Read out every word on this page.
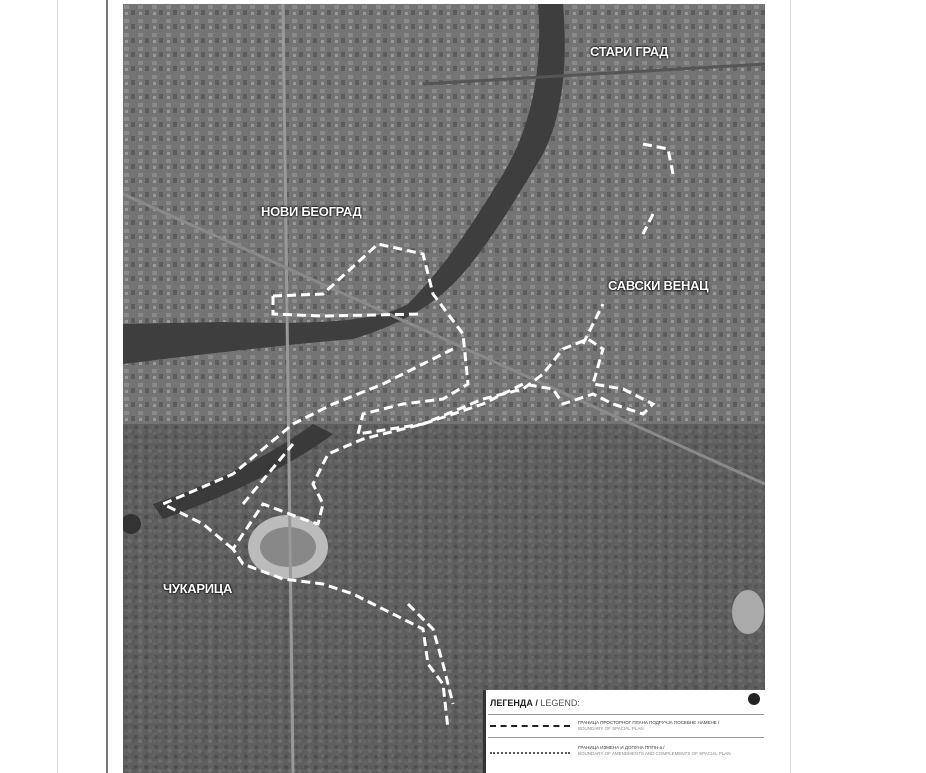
СТАРИ ГРАД
НОВИ БЕОГРАД
САВСКИ ВЕНАЦ
ЧУКАРИЦА
ЛЕГЕНДА / LEGEND:
ГРАНИЦА ПРОСТОРНОГ ПЛАНА ПОДРУЧЈА ПОСЕБНЕ НАМЕНЕ /
BOUNDARY OF SPACIAL PLAN
ГРАНИЦА ИЗМЕНА И ДОПУНА ПППН-а /
BOUNDARY OF AMENDMENTS AND COMPLEMENTS OF SPACIAL PLAN
